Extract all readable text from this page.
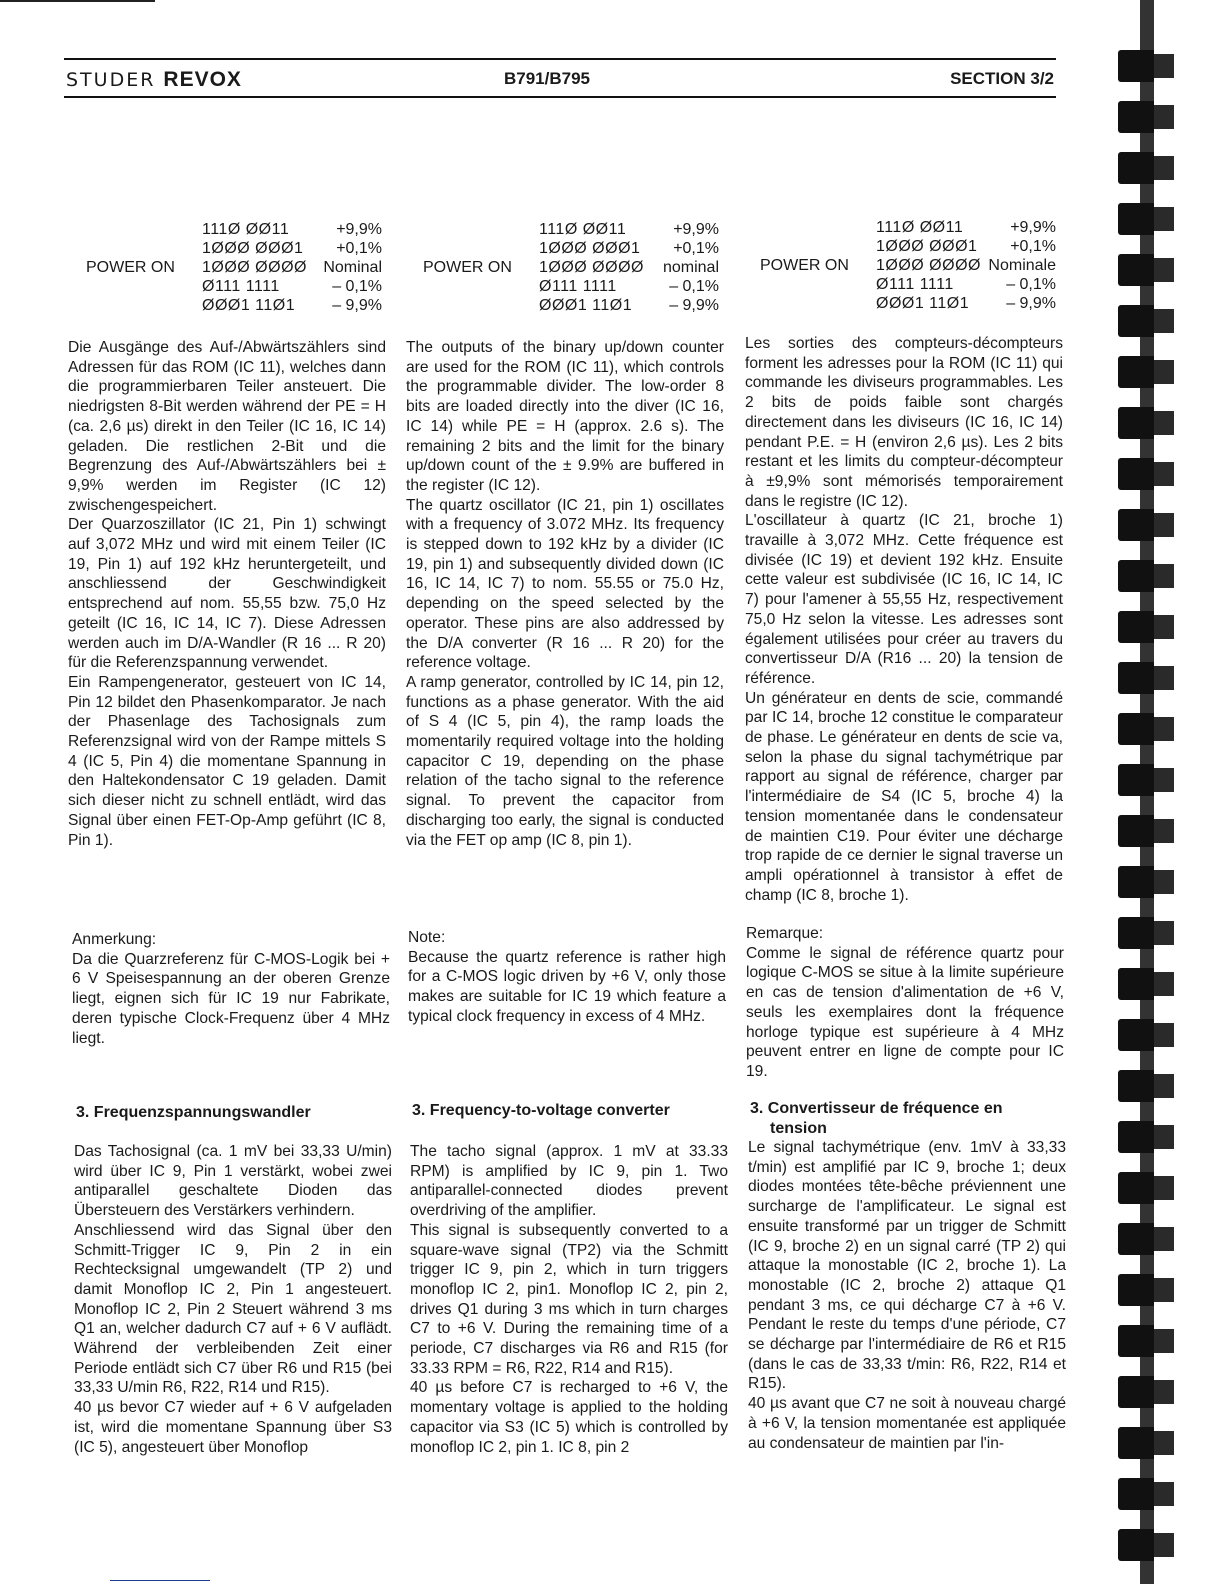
STUDER REVOX	B791/B795	SECTION 3/2
111Ø ØØ11	+9,9%
1ØØØ ØØØ1 +0,1%
POWER ON 1ØØØ ØØØØ Nominal
Ø111 1111	– 0,1%
ØØØ1 11Ø1 – 9,9%

Die Ausgänge des Auf-/Abwärtszählers sind Adressen für das ROM (IC 11), welches dann die programmierbaren Teiler ansteuert. Die niedrigsten 8-Bit werden während der PE = H (ca. 2,6 µs) direkt in den Teiler (IC 16, IC 14) geladen. Die restlichen 2-Bit und die Begrenzung des Auf-/Abwärtszählers bei ± 9,9% werden im Register (IC 12) zwischengespeichert.

Der Quarzoszillator (IC 21, Pin 1) schwingt auf 3,072 MHz und wird mit einem Teiler (IC 19, Pin 1) auf 192 kHz heruntergeteilt, und anschliessend der Geschwindigkeit entsprechend auf nom. 55,55 bzw. 75,0 Hz geteilt (IC 16, IC 14, IC 7). Diese Adressen werden auch im D/A-Wandler (R 16 ... R 20) für die Referenzspannung verwendet.

Ein Rampengenerator, gesteuert von IC 14, Pin 12 bildet den Phasenkomparator. Je nach der Phasenlage des Tachosignals zum Referenzsignal wird von der Rampe mittels S 4 (IC 5, Pin 4) die momentane Spannung in den Haltekondensator C 19 geladen. Damit sich dieser nicht zu schnell entlädt, wird das Signal über einen FET-Op-Amp geführt (IC 8, Pin 1).

Anmerkung:

Da die Quarzreferenz für C-MOS-Logik bei + 6 V Speisespannung an der oberen Grenze liegt, eignen sich für IC 19 nur Fabrikate, deren typische Clock-Frequenz über 4 MHz liegt.

3. Frequenzspannungswandler

Das Tachosignal (ca. 1 mV bei 33,33 U/min) wird über IC 9, Pin 1 verstärkt, wobei zwei antiparallel geschaltete Dioden das Übersteuern des Verstärkers verhindern.

Anschliessend wird das Signal über den Schmitt-Trigger IC 9, Pin 2 in ein Rechtecksignal umgewandelt (TP 2) und damit Monoflop IC 2, Pin 1 angesteuert. Monoflop IC 2, Pin 2 Steuert während 3 ms Q1 an, welcher dadurch C7 auf + 6 V auflädt. Während der verbleibenden Zeit einer Periode entlädt sich C7 über R6 und R15 (bei 33,33 U/min R6, R22, R14 und R15).

40 µs bevor C7 wieder auf + 6 V aufgeladen ist, wird die momentane Spannung über S3 (IC 5), angesteuert über Monoflop

111Ø ØØ11	+9,9%
1ØØØ ØØØ1 +0,1%
POWER ON 1ØØØ ØØØØ nominal
Ø111 1111	– 0,1%
ØØØ1 11Ø1 – 9,9%

The outputs of the binary up/down counter are used for the ROM (IC 11), which controls the programmable divider. The low-order 8 bits are loaded directly into the diver (IC 16, IC 14) while PE = H (approx. 2.6 s). The remaining 2 bits and the limit for the binary up/down count of the ± 9.9% are buffered in the register (IC 12).

The quartz oscillator (IC 21, pin 1) oscillates with a frequency of 3.072 MHz. Its frequency is stepped down to 192 kHz by a divider (IC 19, pin 1) and subsequently divided down (IC 16, IC 14, IC 7) to nom. 55.55 or 75.0 Hz, depending on the speed selected by the operator. These pins are also addressed by the D/A converter (R 16 ... R 20) for the reference voltage.

A ramp generator, controlled by IC 14, pin 12, functions as a phase generator. With the aid of S 4 (IC 5, pin 4), the ramp loads the momentarily required voltage into the holding capacitor C 19, depending on the phase relation of the tacho signal to the reference signal. To prevent the capacitor from discharging too early, the signal is conducted via the FET op amp (IC 8, pin 1).

Note:

Because the quartz reference is rather high for a C-MOS logic driven by +6 V, only those makes are suitable for IC 19 which feature a typical clock frequency in excess of 4 MHz.

3. Frequency-to-voltage converter

The tacho signal (approx. 1 mV at 33.33 RPM) is amplified by IC 9, pin 1. Two antiparallel-connected diodes prevent overdriving of the amplifier.

This signal is subsequently converted to a square-wave signal (TP2) via the Schmitt trigger IC 9, pin 2, which in turn triggers monoflop IC 2, pin1. Monoflop IC 2, pin 2, drives Q1 during 3 ms which in turn charges C7 to +6 V. During the remaining time of a periode, C7 discharges via R6 and R15 (for 33.33 RPM = R6, R22, R14 and R15).

40 µs before C7 is recharged to +6 V, the momentary voltage is applied to the holding capacitor via S3 (IC 5) which is controlled by monoflop IC 2, pin 1. IC 8, pin 2

111Ø ØØ11	+9,9%
1ØØØ ØØØ1 +0,1%
POWER ON 1ØØØ ØØØØ Nominale
Ø111 1111	– 0,1%
ØØØ1 11Ø1 – 9,9%

Les sorties des compteurs-décompteurs forment les adresses pour la ROM (IC 11) qui commande les diviseurs programmables. Les 2 bits de poids faible sont chargés directement dans les diviseurs (IC 16, IC 14) pendant P.E. = H (environ 2,6 µs). Les 2 bits restant et les limits du compteur-décompteur à ±9,9% sont mémorisés temporairement dans le registre (IC 12).

L'oscillateur à quartz (IC 21, broche 1) travaille à 3,072 MHz. Cette fréquence est divisée (IC 19) et devient 192 kHz. Ensuite cette valeur est subdivisée (IC 16, IC 14, IC 7) pour l'amener à 55,55 Hz, respectivement 75,0 Hz selon la vitesse. Les adresses sont également utilisées pour créer au travers du convertisseur D/A (R16 ... 20) la tension de référence.

Un générateur en dents de scie, commandé par IC 14, broche 12 constitue le comparateur de phase. Le générateur en dents de scie va, selon la phase du signal tachymétrique par rapport au signal de référence, charger par l'intermédiaire de S4 (IC 5, broche 4) la tension momentanée dans le condensateur de maintien C19. Pour éviter une décharge trop rapide de ce dernier le signal traverse un ampli opérationnel à transistor à effet de champ (IC 8, broche 1).

Remarque:

Comme le signal de référence quartz pour logique C-MOS se situe à la limite supérieure en cas de tension d'alimentation de +6 V, seuls les exemplaires dont la fréquence horloge typique est supérieure à 4 MHz peuvent entrer en ligne de compte pour IC 19.

3. Convertisseur de fréquence en
tension

Le signal tachymétrique (env. 1mV à 33,33 t/min) est amplifié par IC 9, broche 1; deux diodes montées tête-bêche préviennent une surcharge de l'amplificateur. Le signal est ensuite transformé par un trigger de Schmitt (IC 9, broche 2) en un signal carré (TP 2) qui attaque la monostable (IC 2, broche 1). La monostable (IC 2, broche 2) attaque Q1 pendant 3 ms, ce qui décharge C7 à +6 V. Pendant le reste du temps d'une période, C7 se décharge par l'intermédiaire de R6 et R15 (dans le cas de 33,33 t/min: R6, R22, R14 et R15).

40 µs avant que C7 ne soit à nouveau chargé à +6 V, la tension momentanée est appliquée au condensateur de maintien par l'in-
